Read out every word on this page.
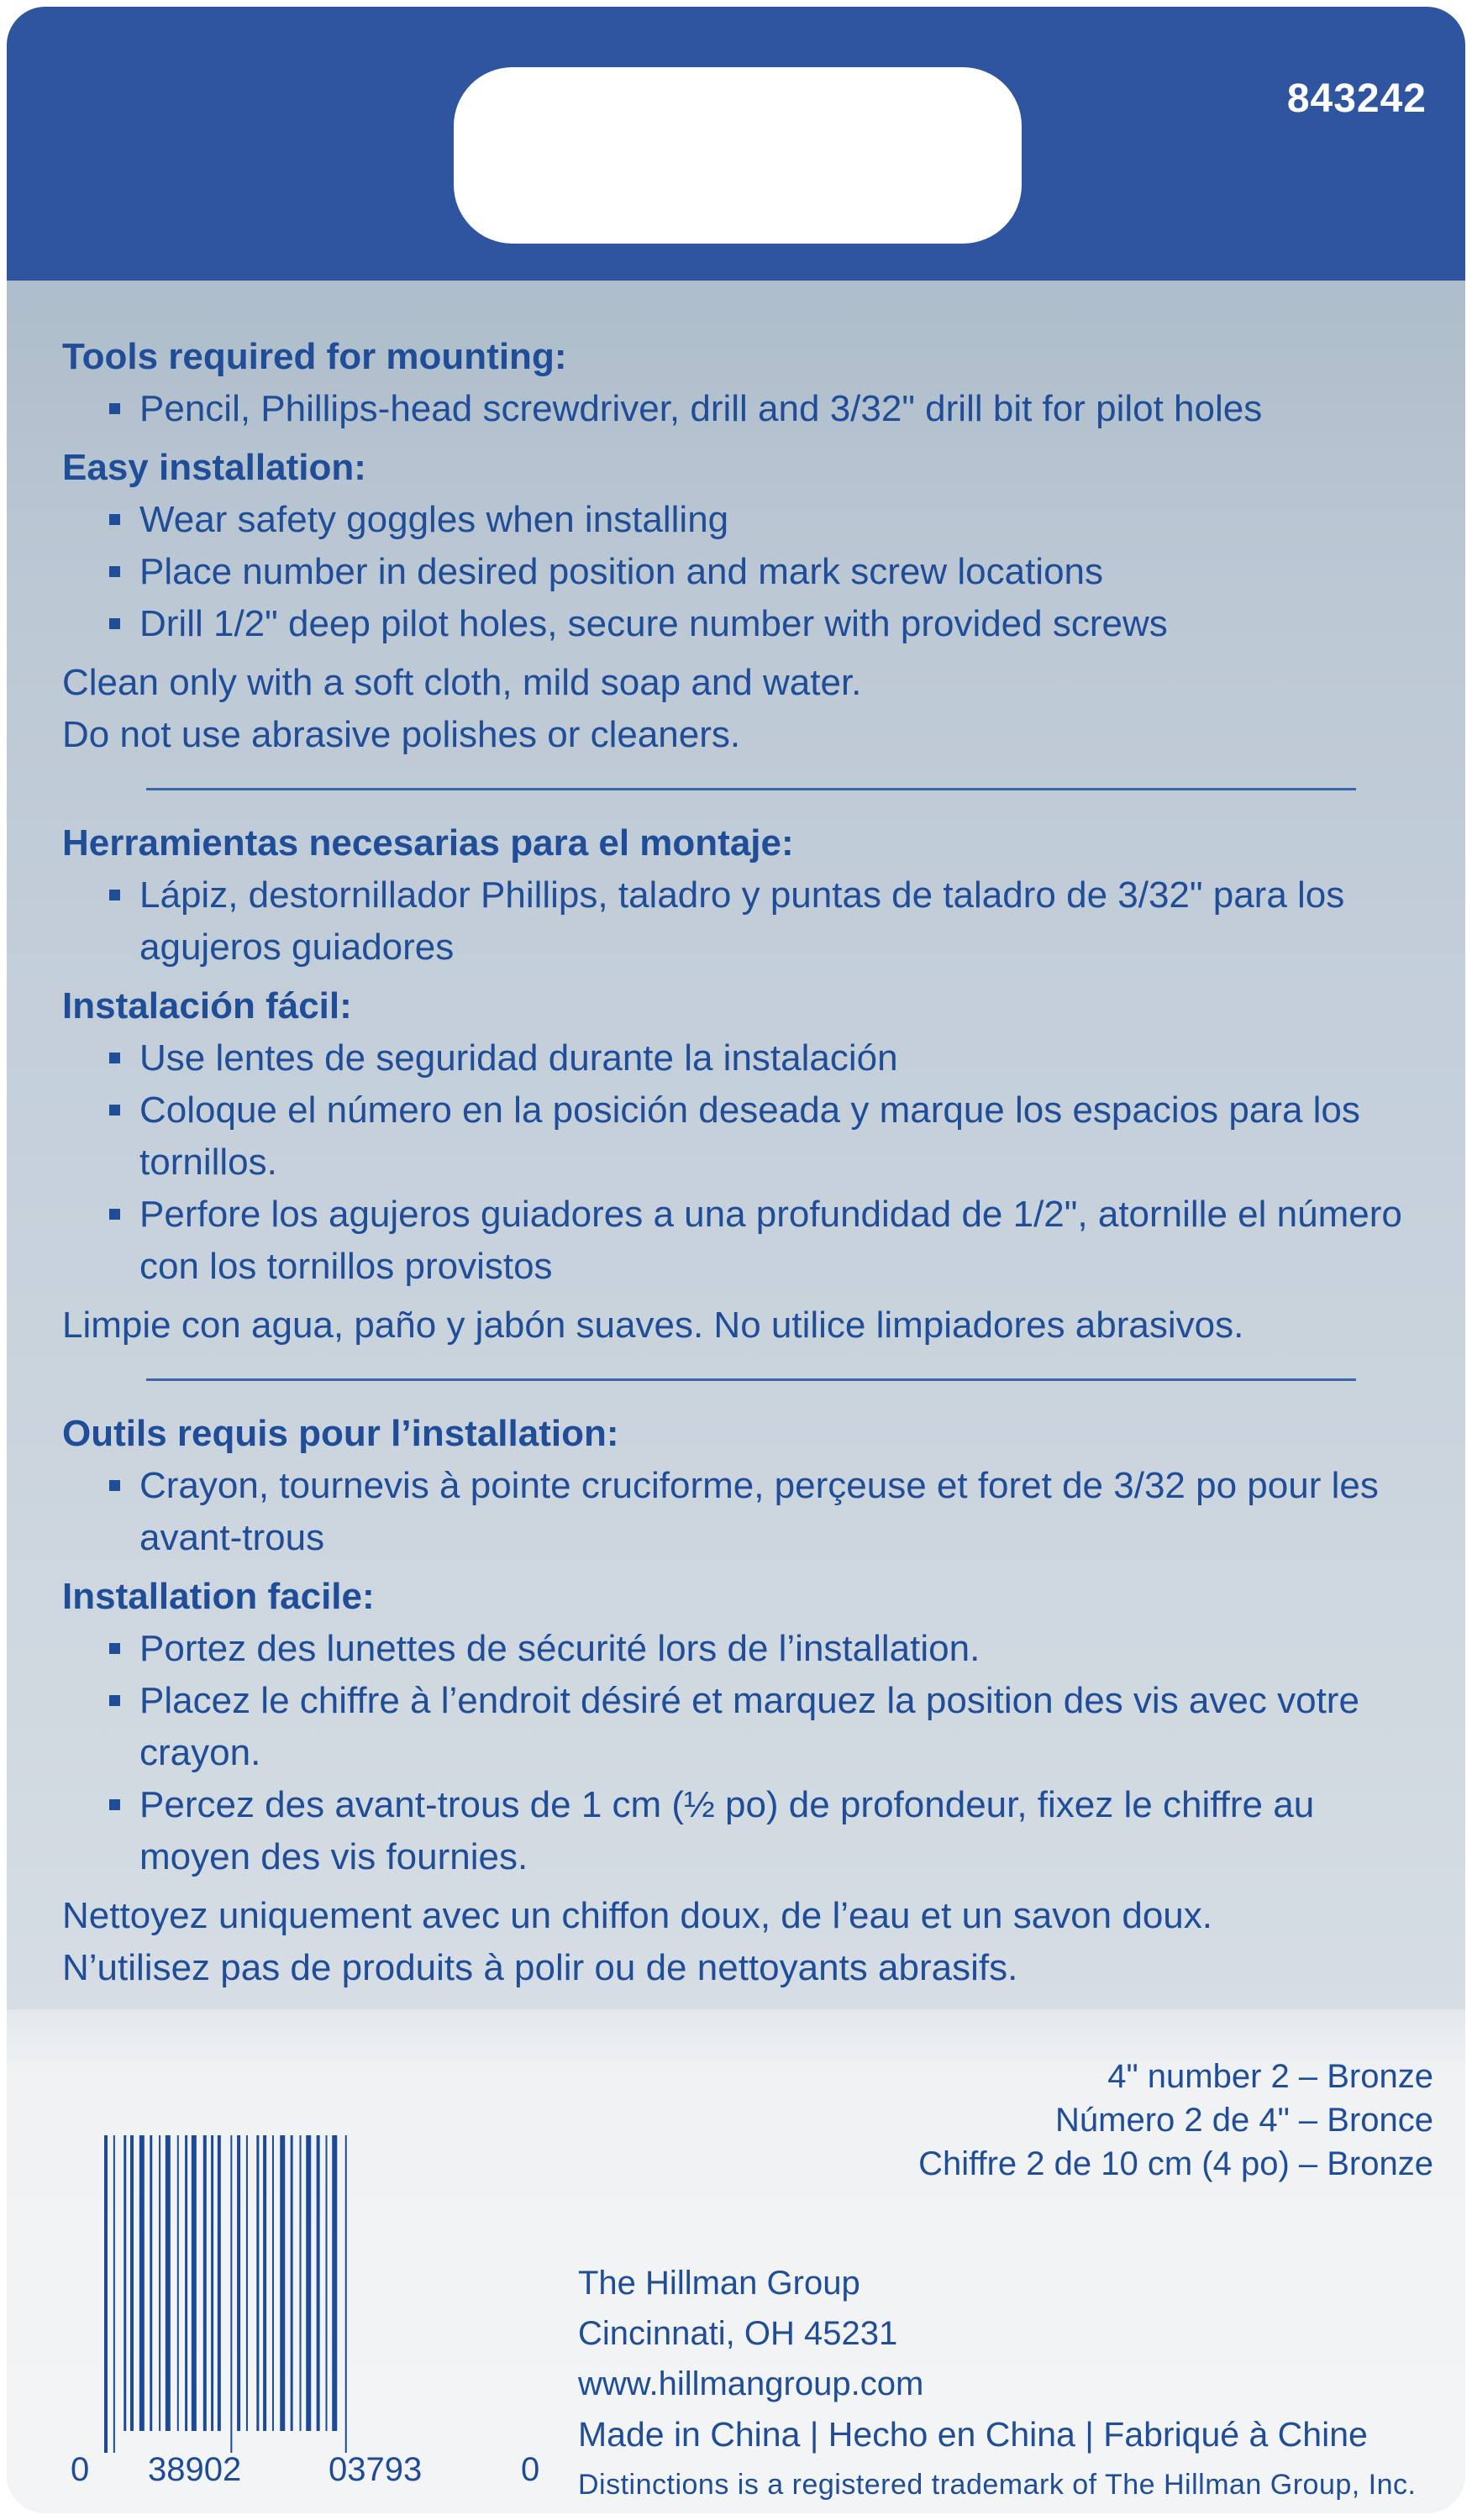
843242

Tools required for mounting:

Pencil, Phillips-head screwdriver, drill and 3/32" drill bit for pilot holes

Easy installation:

Wear safety goggles when installing
Place number in desired position and mark screw locations
Drill 1/2" deep pilot holes, secure number with provided screws

Clean only with a soft cloth, mild soap and water.

Do not use abrasive polishes or cleaners.

Herramientas necesarias para el montaje:

Lápiz, destornillador Phillips, taladro y puntas de taladro de 3/32" para los agujeros guiadores

Instalación fácil:

Use lentes de seguridad durante la instalación
Coloque el número en la posición deseada y marque los espacios para los tornillos.
Perfore los agujeros guiadores a una profundidad de 1/2", atornille el número con los tornillos provistos

Limpie con agua, paño y jabón suaves. No utilice limpiadores abrasivos.

Outils requis pour l’installation:

Crayon, tournevis à pointe cruciforme, perçeuse et foret de 3/32 po pour les avant-trous

Installation facile:

Portez des lunettes de sécurité lors de l’installation.
Placez le chiffre à l’endroit désiré et marquez la position des vis avec votre crayon.
Percez des avant-trous de 1 cm (½ po) de profondeur, fixez le chiffre au moyen des vis fournies.

Nettoyez uniquement avec un chiffon doux, de l’eau et un savon doux.

N’utilisez pas de produits à polir ou de nettoyants abrasifs.

4" number 2 – Bronze
Número 2 de 4" – Bronce
Chiffre 2 de 10 cm (4 po) – Bronze
0 38902	03793	0
The Hillman Group
Cincinnati, OH 45231
www.hillmangroup.com
Made in China | Hecho en China | Fabriqué à Chine
Distinctions is a registered trademark of The Hillman Group, Inc.
